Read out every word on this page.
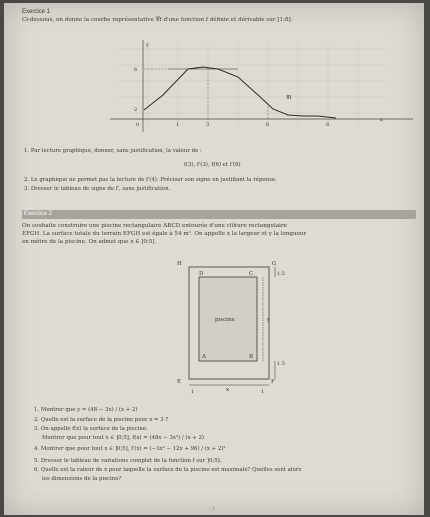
Exercice 1
Ci-dessous, on donne la courbe représentative 𝒞f d'une fonction f définie et dérivable sur [1;8].
y
6
2
0	1	3	6	8
x
𝒞f
1. Par lecture graphique, donner, sans justification, la valeur de :
f(3), f′(3), f(6) et f′(6)
2. Le graphique ne permet pas la lecture de f′(4). Préciser son signe en justifiant la réponse.
3. Dresser le tableau de signe de f′, sans justification.
Exercice 2
On souhaite construire une piscine rectangulaire ABCD entourée d'une clôture rectangulaire
EFGH. La surface totale du terrain EFGH est égale à 54 m². On appelle x la largeur et y la longueur
en mètre de la piscine. On admet que x ∈ ]0;5].
H	G
D	C
A	B
E	F
piscine	y
x
1.5
1.5
1	1
1. Montrer que y = (48 − 3x) / (x + 2)
2. Quelle est la surface de la piscine pour x = 3 ?
3. On appelle f(x) la surface de la piscine.
Montrer que pour tout x ∈ ]0;5], f(x) = (48x − 3x²) / (x + 2)
4. Montrer que pour tout x ∈ ]0;5], f′(x) = (−3x² − 12x + 96) / (x + 2)²
5. Dresser le tableau de variations complet de la fonction f sur ]0;5].
6. Quelle est la valeur de x pour laquelle la surface de la piscine est maximale? Quelles sont alors
les dimensions de la piscine?
- 1 -
